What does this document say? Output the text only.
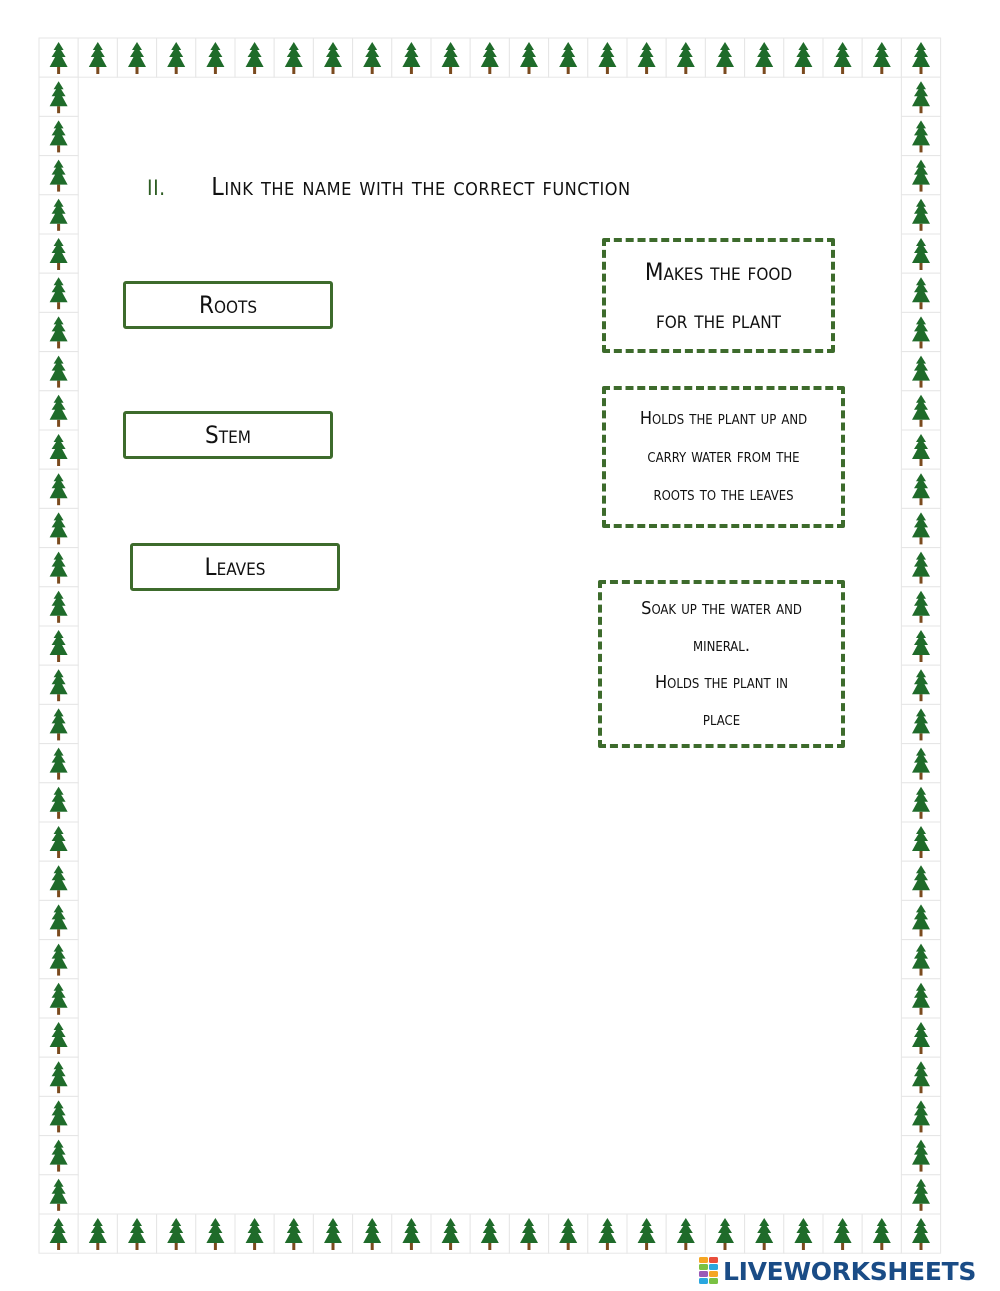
II. Link the name with the correct function
Roots
Stem
Leaves
Makes the food
for the plant
Holds the plant up and
carry water from the
roots to the leaves
Soak up the water and
mineral.
Holds the plant in
place
LIVEWORKSHEETS
